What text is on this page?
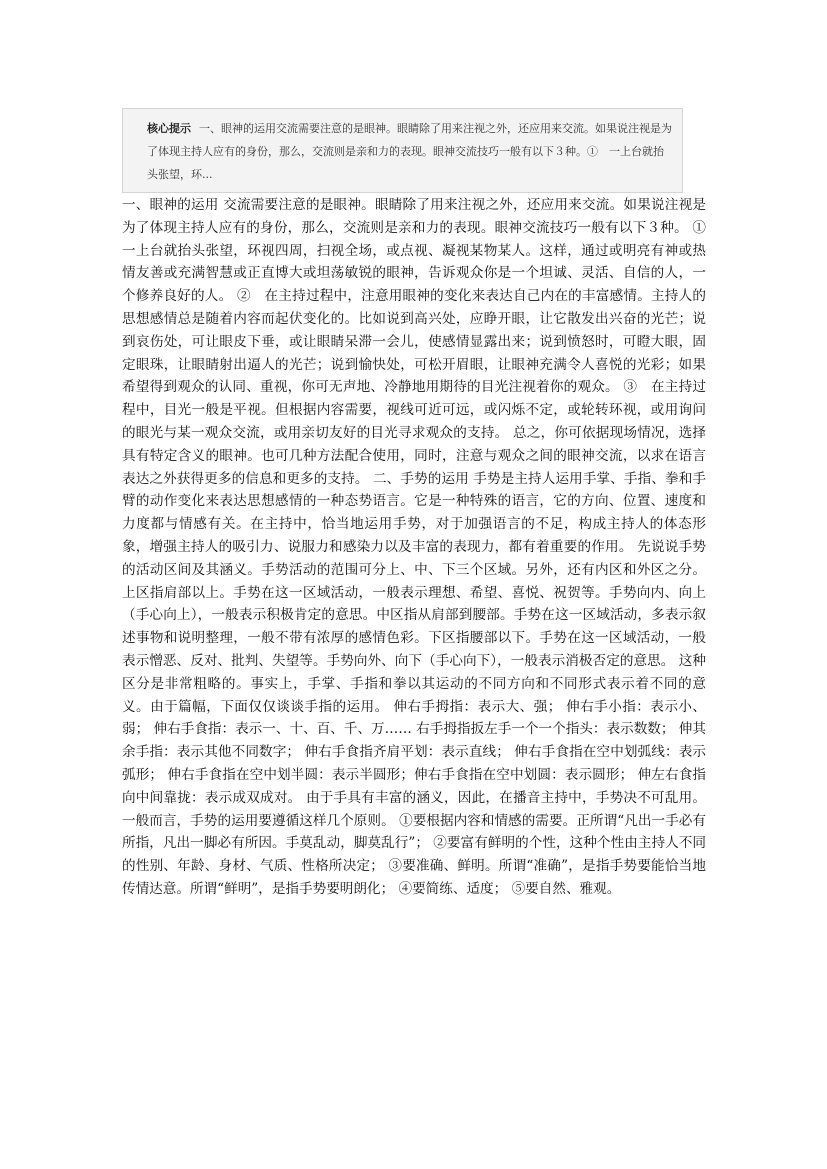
核心提示 一、眼神的运用交流需要注意的是眼神。眼睛除了用来注视之外，还应用来交流。如果说注视是为了体现主持人应有的身份，那么，交流则是亲和力的表现。眼神交流技巧一般有以下３种。①　一上台就抬头张望，环...

一、眼神的运用 交流需要注意的是眼神。眼睛除了用来注视之外，还应用来交流。如果说注视是为了体现主持人应有的身份，那么，交流则是亲和力的表现。眼神交流技巧一般有以下３种。 ①　一上台就抬头张望，环视四周，扫视全场，或点视、凝视某物某人。这样，通过或明亮有神或热情友善或充满智慧或正直博大或坦荡敏锐的眼神，告诉观众你是一个坦诚、灵活、自信的人，一个修养良好的人。 ②　在主持过程中，注意用眼神的变化来表达自己内在的丰富感情。主持人的思想感情总是随着内容而起伏变化的。比如说到高兴处，应睁开眼，让它散发出兴奋的光芒；说到哀伤处，可让眼皮下垂，或让眼睛呆滞一会儿，使感情显露出来；说到愤怒时，可瞪大眼，固定眼珠，让眼睛射出逼人的光芒；说到愉快处，可松开眉眼，让眼神充满令人喜悦的光彩；如果希望得到观众的认同、重视，你可无声地、冷静地用期待的目光注视着你的观众。 ③　在主持过程中，目光一般是平视。但根据内容需要，视线可近可远，或闪烁不定，或轮转环视，或用询问的眼光与某一观众交流，或用亲切友好的目光寻求观众的支持。 总之，你可依据现场情况，选择具有特定含义的眼神。也可几种方法配合使用，同时，注意与观众之间的眼神交流，以求在语言表达之外获得更多的信息和更多的支持。 二、手势的运用 手势是主持人运用手掌、手指、拳和手臂的动作变化来表达思想感情的一种态势语言。它是一种特殊的语言，它的方向、位置、速度和力度都与情感有关。在主持中，恰当地运用手势，对于加强语言的不足，构成主持人的体态形象，增强主持人的吸引力、说服力和感染力以及丰富的表现力，都有着重要的作用。 先说说手势的活动区间及其涵义。手势活动的范围可分上、中、下三个区域。另外，还有内区和外区之分。上区指肩部以上。手势在这一区域活动，一般表示理想、希望、喜悦、祝贺等。手势向内、向上（手心向上），一般表示积极肯定的意思。中区指从肩部到腰部。手势在这一区域活动，多表示叙述事物和说明整理，一般不带有浓厚的感情色彩。下区指腰部以下。手势在这一区域活动，一般表示憎恶、反对、批判、失望等。手势向外、向下（手心向下），一般表示消极否定的意思。 这种区分是非常粗略的。事实上，手掌、手指和拳以其运动的不同方向和不同形式表示着不同的意义。由于篇幅，下面仅仅谈谈手指的运用。 伸右手拇指：表示大、强； 伸右手小指：表示小、弱； 伸右手食指：表示一、十、百、千、万…… 右手拇指扳左手一个一个指头：表示数数； 伸其余手指：表示其他不同数字； 伸右手食指齐肩平划：表示直线； 伸右手食指在空中划弧线：表示弧形； 伸右手食指在空中划半圆：表示半圆形；伸右手食指在空中划圆：表示圆形； 伸左右食指向中间靠拢：表示成双成对。 由于手具有丰富的涵义，因此，在播音主持中，手势决不可乱用。一般而言，手势的运用要遵循这样几个原则。 ①要根据内容和情感的需要。正所谓“凡出一手必有所指，凡出一脚必有所因。手莫乱动，脚莫乱行”； ②要富有鲜明的个性，这种个性由主持人不同的性别、年龄、身材、气质、性格所决定； ③要准确、鲜明。所谓“准确”，是指手势要能恰当地传情达意。所谓“鲜明”，是指手势要明朗化； ④要简练、适度； ⑤要自然、雅观。
